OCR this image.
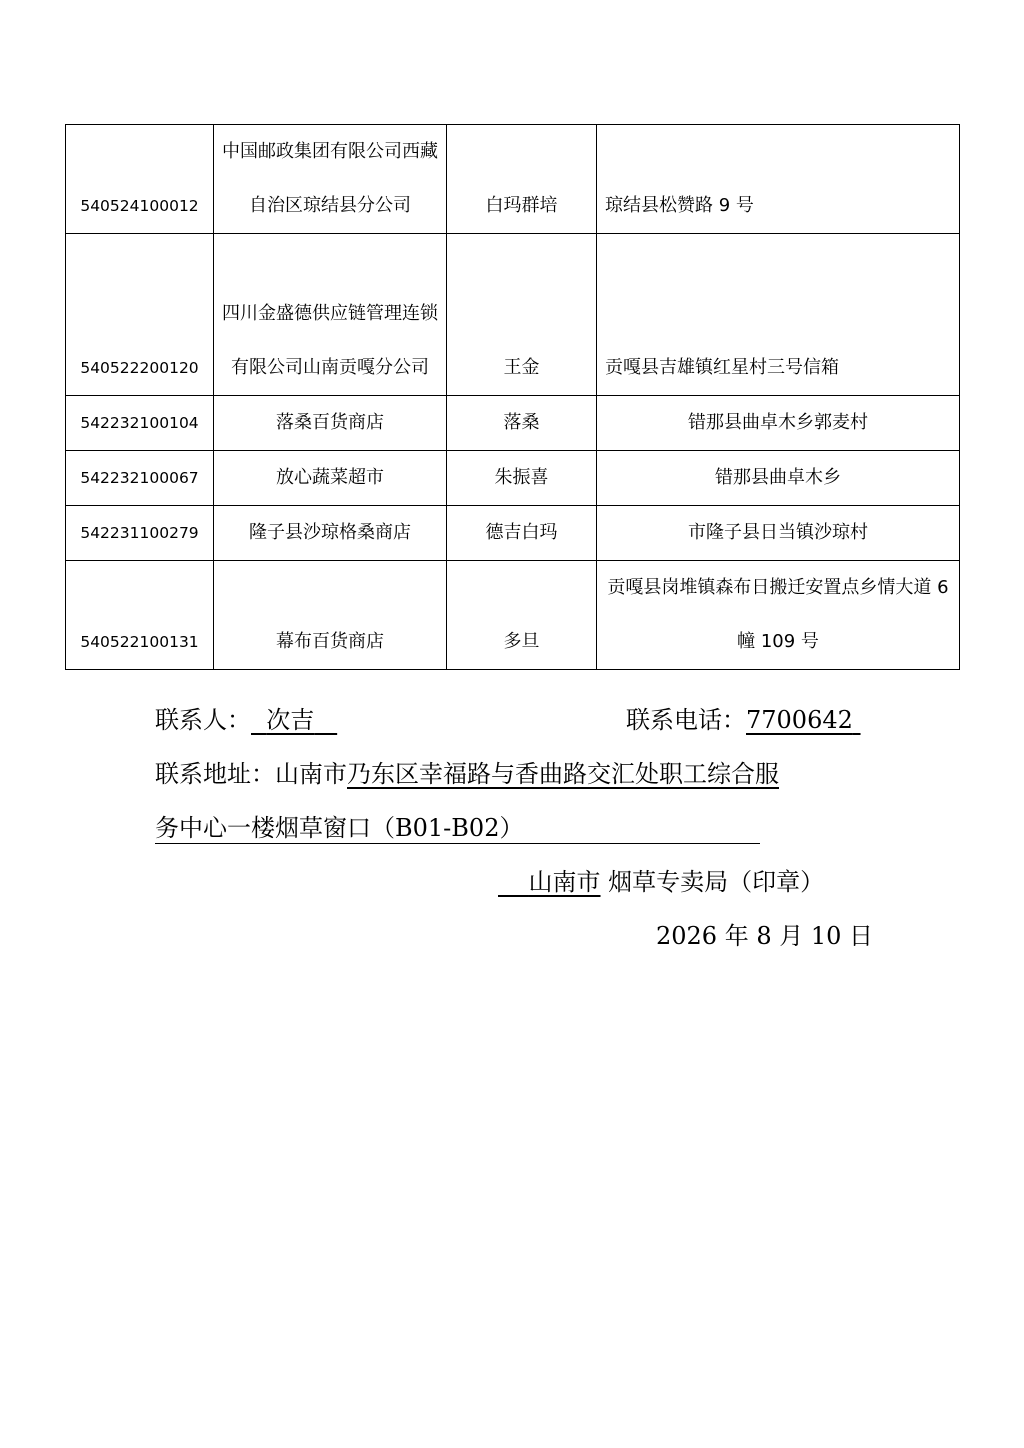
540524100012	中国邮政集团有限公司西藏自治区琼结县分公司	白玛群培	琼结县松赞路 9 号
540522200120	四川金盛德供应链管理连锁有限公司山南贡嘎分公司	王金	贡嘎县吉雄镇红星村三号信箱
542232100104	落桑百货商店	落桑	错那县曲卓木乡郭麦村
542232100067	放心蔬菜超市	朱振喜	错那县曲卓木乡
542231100279	隆子县沙琼格桑商店	德吉白玛	市隆子县日当镇沙琼村
540522100131	幕布百货商店	多旦	贡嘎县岗堆镇森布日搬迁安置点乡情大道 6 幢 109 号
联系人： 次吉	联系电话：7700642
联系地址：山南市乃东区幸福路与香曲路交汇处职工综合服
务中心一楼烟草窗口（B01-B02）
山南市 烟草专卖局（印章）
2026 年 8 月 10 日
